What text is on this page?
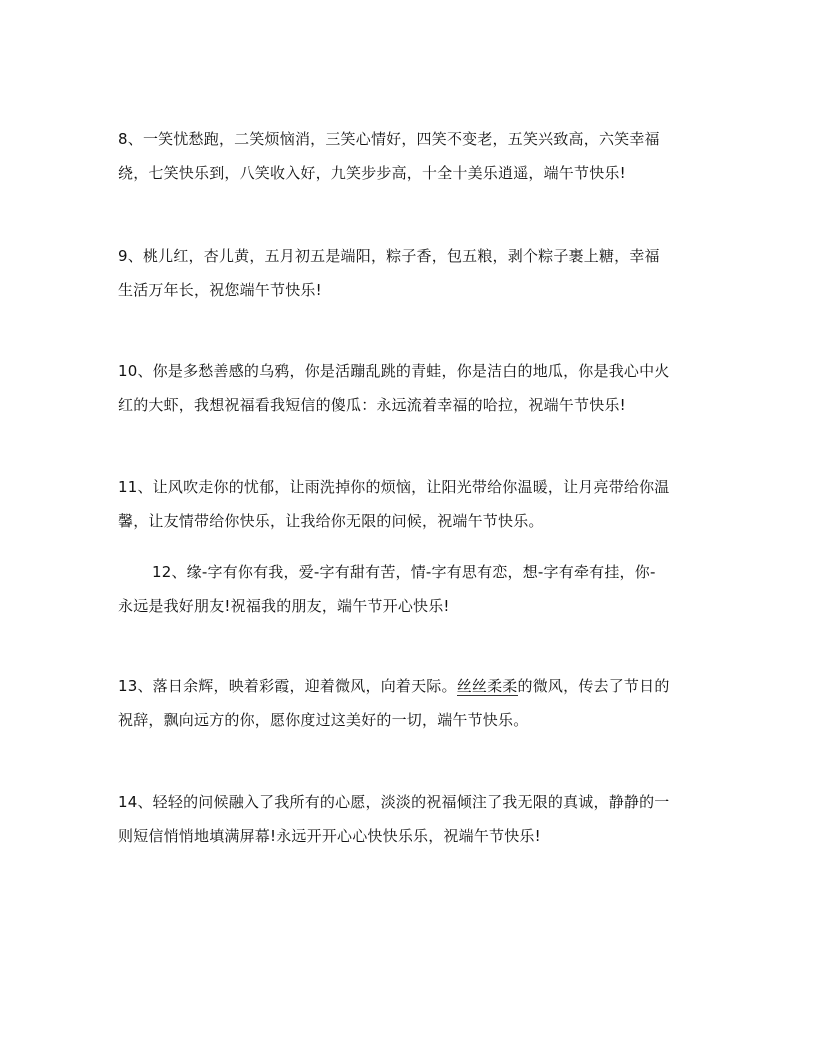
8、一笑忧愁跑，二笑烦恼消，三笑心情好，四笑不变老，五笑兴致高，六笑幸福
绕，七笑快乐到，八笑收入好，九笑步步高，十全十美乐逍遥，端午节快乐!
9、桃儿红，杏儿黄，五月初五是端阳，粽子香，包五粮，剥个粽子裹上糖，幸福
生活万年长，祝您端午节快乐!
10、你是多愁善感的乌鸦，你是活蹦乱跳的青蛙，你是洁白的地瓜，你是我心中火
红的大虾，我想祝福看我短信的傻瓜：永远流着幸福的哈拉，祝端午节快乐!
11、让风吹走你的忧郁，让雨洗掉你的烦恼，让阳光带给你温暖，让月亮带给你温
馨，让友情带给你快乐，让我给你无限的问候，祝端午节快乐。
12、缘-字有你有我，爱-字有甜有苦，情-字有思有恋，想-字有牵有挂，你-
永远是我好朋友!祝福我的朋友，端午节开心快乐!
13、落日余辉，映着彩霞，迎着微风，向着天际。丝丝柔柔的微风，传去了节日的
祝辞，飘向远方的你，愿你度过这美好的一切，端午节快乐。
14、轻轻的问候融入了我所有的心愿，淡淡的祝福倾注了我无限的真诚，静静的一
则短信悄悄地填满屏幕!永远开开心心快快乐乐，祝端午节快乐!
